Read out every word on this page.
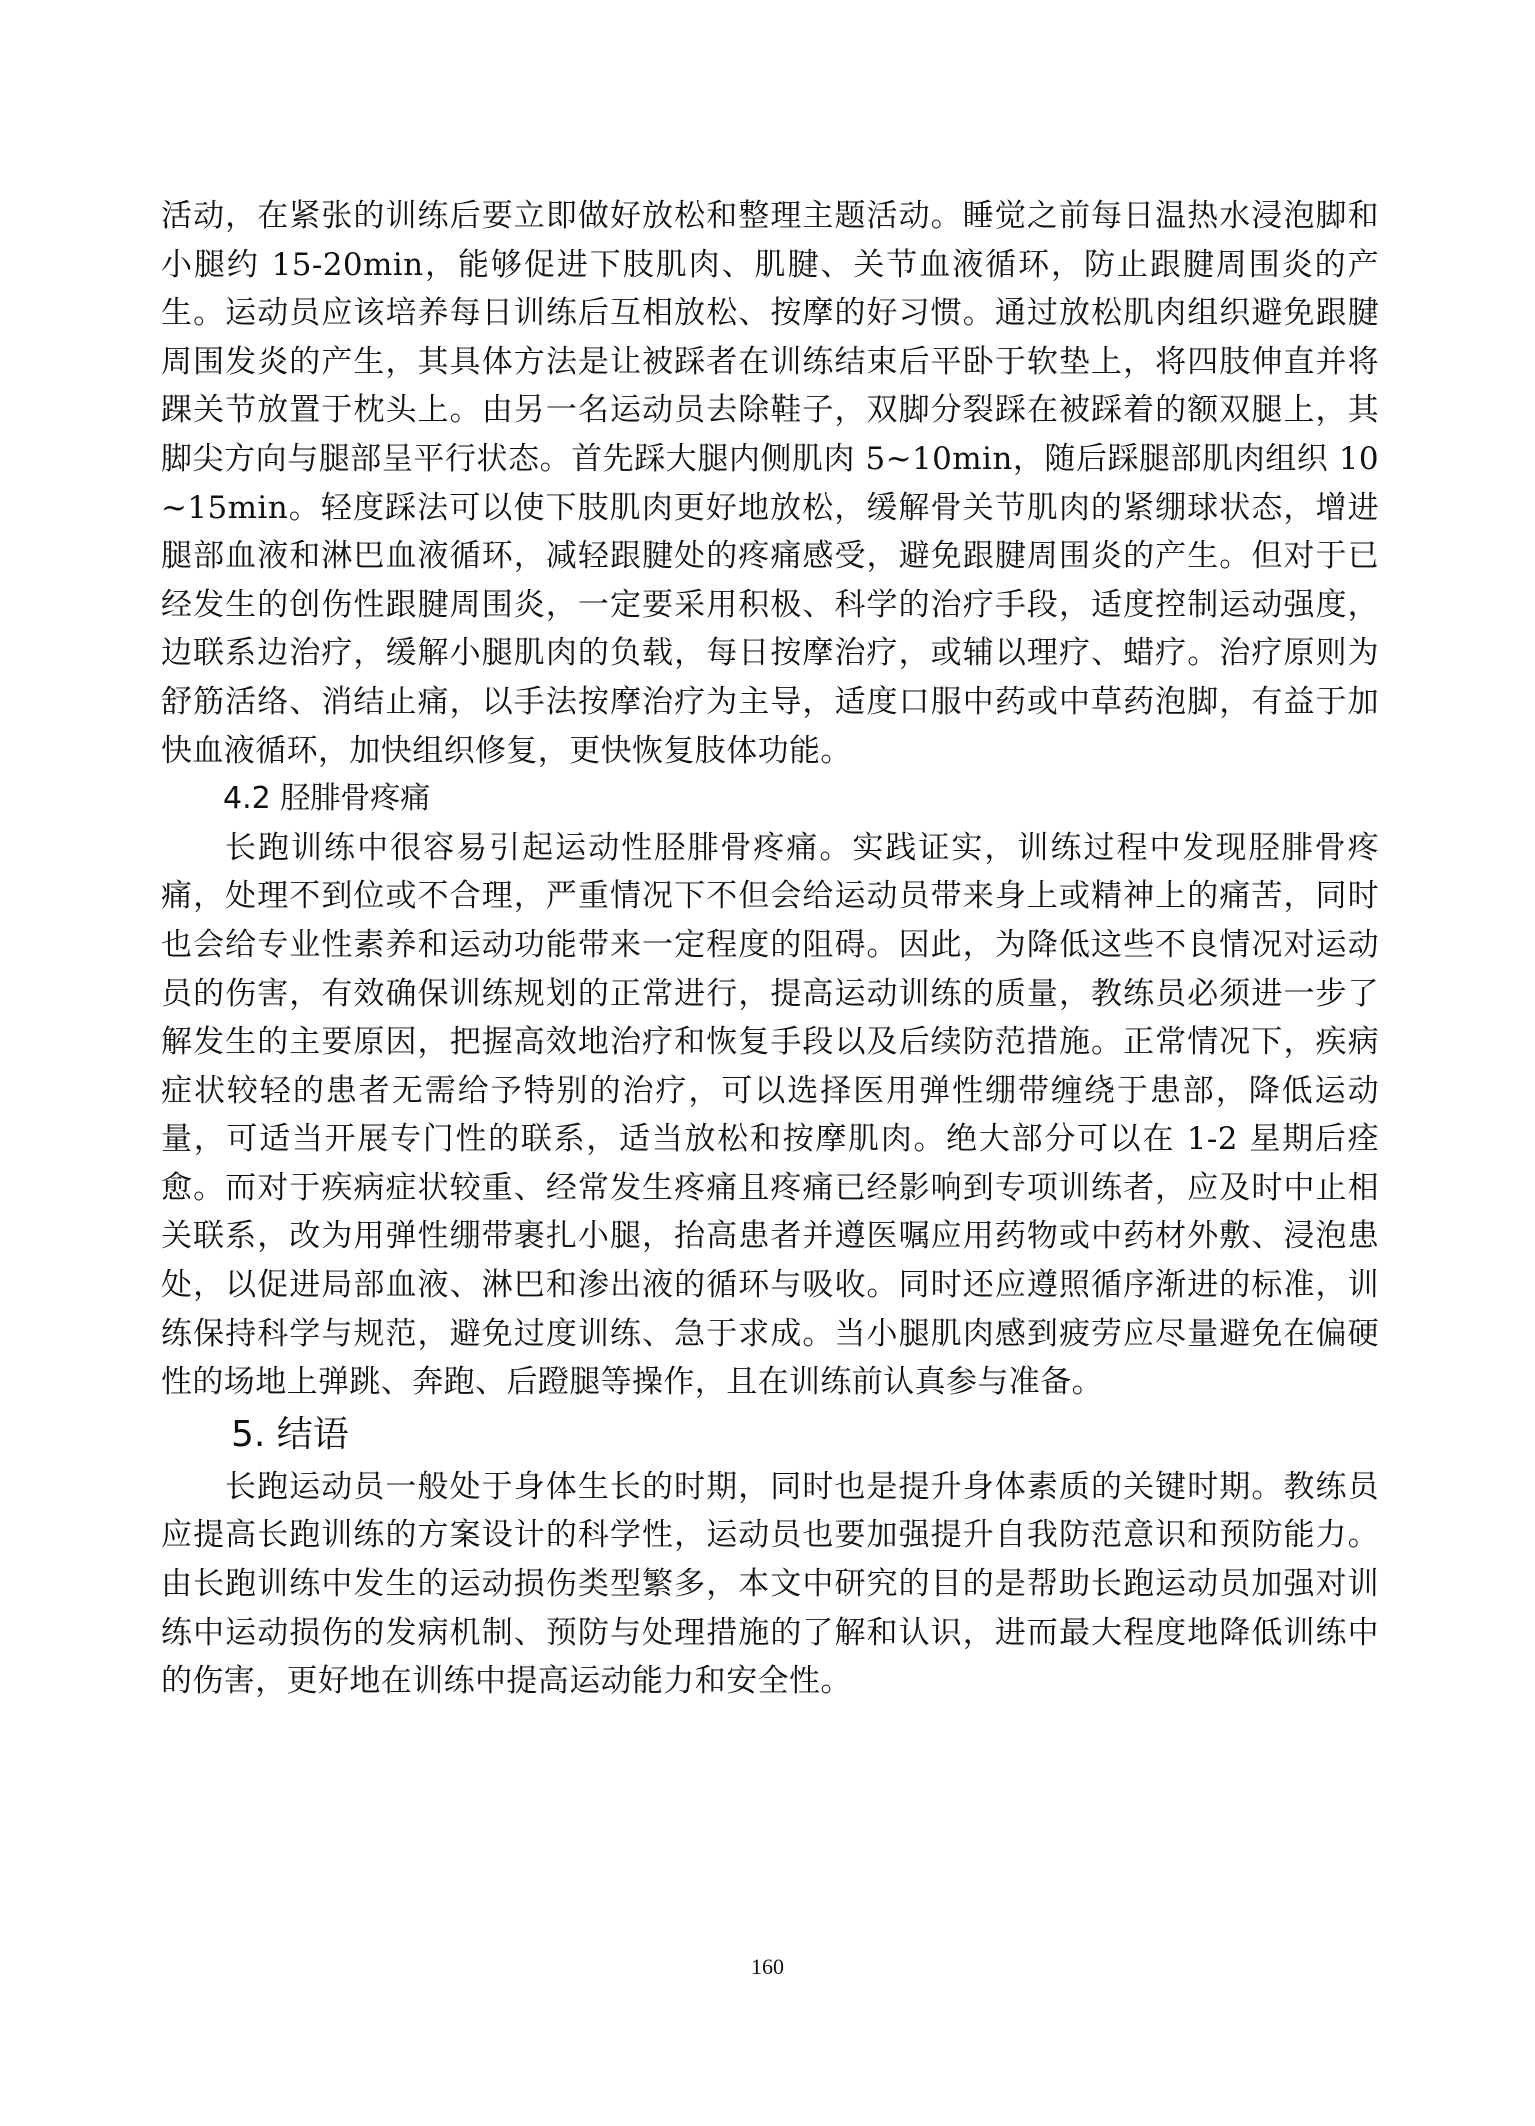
活动，在紧张的训练后要立即做好放松和整理主题活动。睡觉之前每日温热水浸泡脚和小腿约 15-20min，能够促进下肢肌肉、肌腱、关节血液循环，防止跟腱周围炎的产生。运动员应该培养每日训练后互相放松、按摩的好习惯。通过放松肌肉组织避免跟腱周围发炎的产生，其具体方法是让被踩者在训练结束后平卧于软垫上，将四肢伸直并将踝关节放置于枕头上。由另一名运动员去除鞋子，双脚分裂踩在被踩着的额双腿上，其脚尖方向与腿部呈平行状态。首先踩大腿内侧肌肉 5~10min，随后踩腿部肌肉组织 10~15min。轻度踩法可以使下肢肌肉更好地放松，缓解骨关节肌肉的紧绷球状态，增进腿部血液和淋巴血液循环，减轻跟腱处的疼痛感受，避免跟腱周围炎的产生。但对于已经发生的创伤性跟腱周围炎，一定要采用积极、科学的治疗手段，适度控制运动强度，边联系边治疗，缓解小腿肌肉的负载，每日按摩治疗，或辅以理疗、蜡疗。治疗原则为舒筋活络、消结止痛，以手法按摩治疗为主导，适度口服中药或中草药泡脚，有益于加快血液循环，加快组织修复，更快恢复肢体功能。

4.2 胫腓骨疼痛

长跑训练中很容易引起运动性胫腓骨疼痛。实践证实，训练过程中发现胫腓骨疼痛，处理不到位或不合理，严重情况下不但会给运动员带来身上或精神上的痛苦，同时也会给专业性素养和运动功能带来一定程度的阻碍。因此，为降低这些不良情况对运动员的伤害，有效确保训练规划的正常进行，提高运动训练的质量，教练员必须进一步了解发生的主要原因，把握高效地治疗和恢复手段以及后续防范措施。正常情况下，疾病症状较轻的患者无需给予特别的治疗，可以选择医用弹性绷带缠绕于患部，降低运动量，可适当开展专门性的联系，适当放松和按摩肌肉。绝大部分可以在 1-2 星期后痊愈。而对于疾病症状较重、经常发生疼痛且疼痛已经影响到专项训练者，应及时中止相关联系，改为用弹性绷带裹扎小腿，抬高患者并遵医嘱应用药物或中药材外敷、浸泡患处，以促进局部血液、淋巴和渗出液的循环与吸收。同时还应遵照循序渐进的标准，训练保持科学与规范，避免过度训练、急于求成。当小腿肌肉感到疲劳应尽量避免在偏硬性的场地上弹跳、奔跑、后蹬腿等操作，且在训练前认真参与准备。

5. 结语

长跑运动员一般处于身体生长的时期，同时也是提升身体素质的关键时期。教练员应提高长跑训练的方案设计的科学性，运动员也要加强提升自我防范意识和预防能力。由长跑训练中发生的运动损伤类型繁多，本文中研究的目的是帮助长跑运动员加强对训练中运动损伤的发病机制、预防与处理措施的了解和认识，进而最大程度地降低训练中的伤害，更好地在训练中提高运动能力和安全性。

160
